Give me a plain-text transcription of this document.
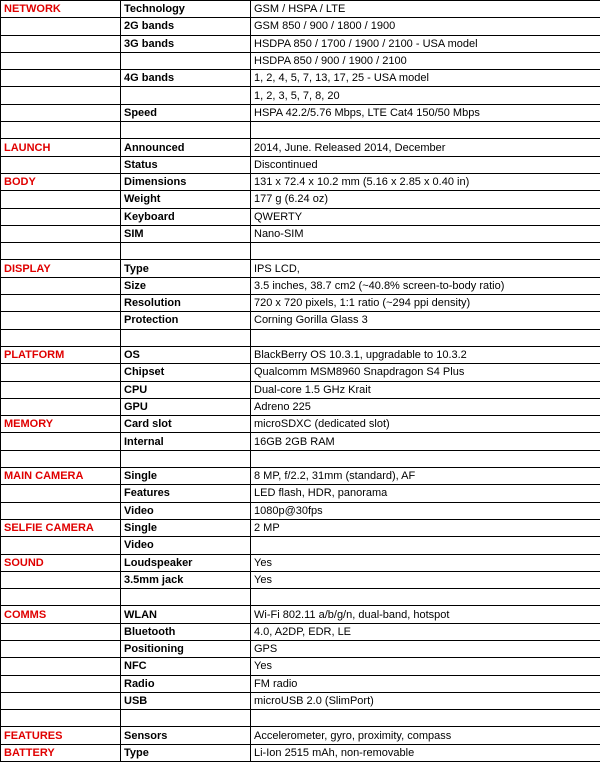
NETWORK	Technology	GSM / HSPA / LTE
	2G bands	GSM 850 / 900 / 1800 / 1900
	3G bands	HSDPA 850 / 1700 / 1900 / 2100 - USA model
		HSDPA 850 / 900 / 1900 / 2100
	4G bands	1, 2, 4, 5, 7, 13, 17, 25 - USA model
		1, 2, 3, 5, 7, 8, 20
	Speed	HSPA 42.2/5.76 Mbps, LTE Cat4 150/50 Mbps

LAUNCH	Announced	2014, June. Released 2014, December
	Status	Discontinued
BODY	Dimensions	131 x 72.4 x 10.2 mm (5.16 x 2.85 x 0.40 in)
	Weight	177 g (6.24 oz)
	Keyboard	QWERTY
	SIM	Nano-SIM

DISPLAY	Type	IPS LCD,
	Size	3.5 inches, 38.7 cm2 (~40.8% screen-to-body ratio)
	Resolution	720 x 720 pixels, 1:1 ratio (~294 ppi density)
	Protection	Corning Gorilla Glass 3

PLATFORM	OS	BlackBerry OS 10.3.1, upgradable to 10.3.2
	Chipset	Qualcomm MSM8960 Snapdragon S4 Plus
	CPU	Dual-core 1.5 GHz Krait
	GPU	Adreno 225
MEMORY	Card slot	microSDXC (dedicated slot)
	Internal	16GB 2GB RAM

MAIN CAMERA	Single	8 MP, f/2.2, 31mm (standard), AF
	Features	LED flash, HDR, panorama
	Video	1080p@30fps
SELFIE CAMERA	Single	2 MP
	Video	
SOUND	Loudspeaker	Yes
	3.5mm jack	Yes

COMMS	WLAN	Wi-Fi 802.11 a/b/g/n, dual-band, hotspot
	Bluetooth	4.0, A2DP, EDR, LE
	Positioning	GPS
	NFC	Yes
	Radio	FM radio
	USB	microUSB 2.0 (SlimPort)

FEATURES	Sensors	Accelerometer, gyro, proximity, compass
BATTERY	Type	Li-Ion 2515 mAh, non-removable
